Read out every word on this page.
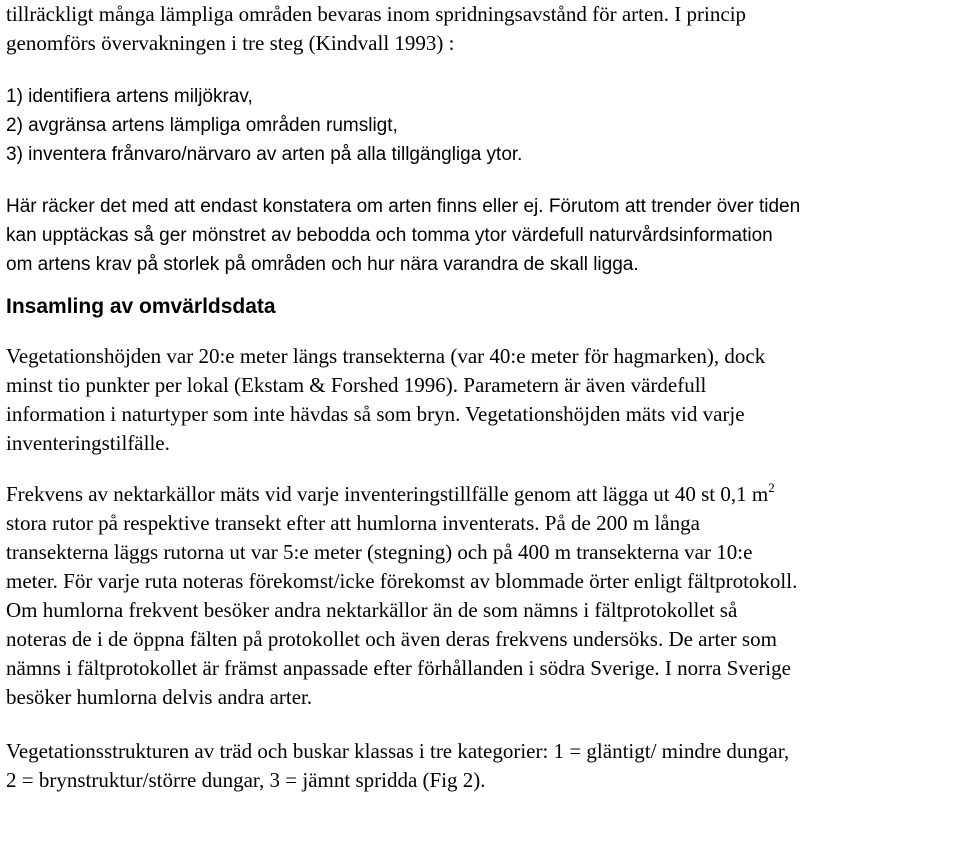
tillräckligt många lämpliga områden bevaras inom spridningsavstånd för arten. I princip
genomförs övervakningen i tre steg (Kindvall 1993) :
1) identifiera artens miljökrav,
2) avgränsa artens lämpliga områden rumsligt,
3) inventera frånvaro/närvaro av arten på alla tillgängliga ytor.
Här räcker det med att endast konstatera om arten finns eller ej. Förutom att trender över tiden
kan upptäckas så ger mönstret av bebodda och tomma ytor värdefull naturvårdsinformation
om artens krav på storlek på områden och hur nära varandra de skall ligga.
Insamling av omvärldsdata
Vegetationshöjden var 20:e meter längs transekterna (var 40:e meter för hagmarken), dock
minst tio punkter per lokal (Ekstam & Forshed 1996). Parametern är även värdefull
information i naturtyper som inte hävdas så som bryn. Vegetationshöjden mäts vid varje
inventeringstilfälle.
Frekvens av nektarkällor mäts vid varje inventeringstillfälle genom att lägga ut 40 st 0,1 $m^2$
stora rutor på respektive transekt efter att humlorna inventerats. På de 200 m långa
transekterna läggs rutorna ut var 5:e meter (stegning) och på 400 m transekterna var 10:e
meter. För varje ruta noteras förekomst/icke förekomst av blommade örter enligt fältprotokoll.
Om humlorna frekvent besöker andra nektarkällor än de som nämns i fältprotokollet så
noteras de i de öppna fälten på protokollet och även deras frekvens undersöks. De arter som
nämns i fältprotokollet är främst anpassade efter förhållanden i södra Sverige. I norra Sverige
besöker humlorna delvis andra arter.
Vegetationsstrukturen av träd och buskar klassas i tre kategorier: 1 = gläntigt/ mindre dungar,
2 = brynstruktur/större dungar, 3 = jämnt spridda (Fig 2).
